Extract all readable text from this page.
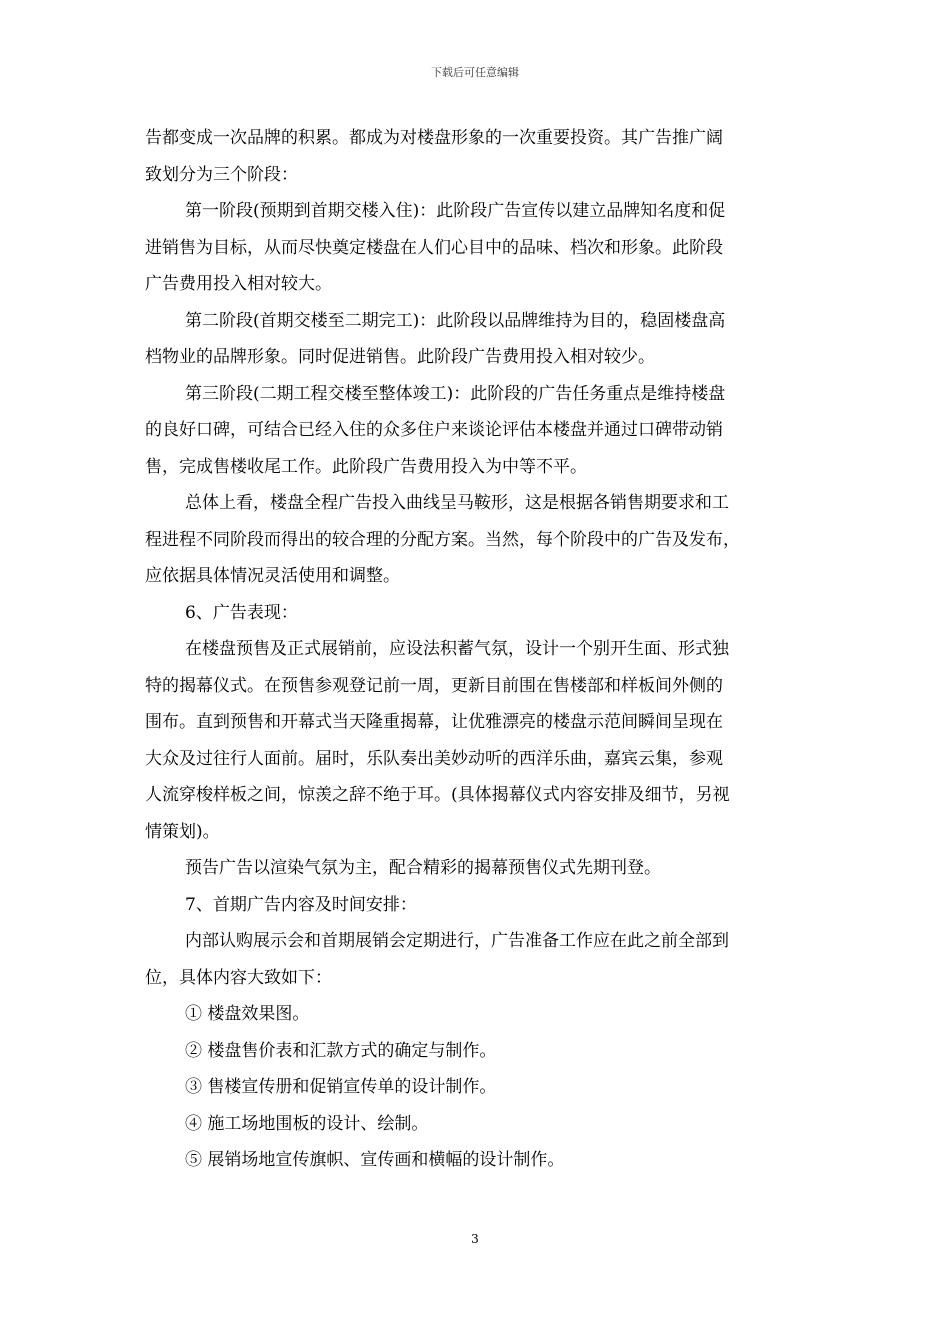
下载后可任意编辑
告都变成一次品牌的积累。都成为对楼盘形象的一次重要投资。其广告推广阔
致划分为三个阶段：
第一阶段(预期到首期交楼入住)：此阶段广告宣传以建立品牌知名度和促
进销售为目标，从而尽快奠定楼盘在人们心目中的品味、档次和形象。此阶段
广告费用投入相对较大。
第二阶段(首期交楼至二期完工)：此阶段以品牌维持为目的，稳固楼盘高
档物业的品牌形象。同时促进销售。此阶段广告费用投入相对较少。
第三阶段(二期工程交楼至整体竣工)：此阶段的广告任务重点是维持楼盘
的良好口碑，可结合已经入住的众多住户来谈论评估本楼盘并通过口碑带动销
售，完成售楼收尾工作。此阶段广告费用投入为中等不平。
总体上看，楼盘全程广告投入曲线呈马鞍形，这是根据各销售期要求和工
程进程不同阶段而得出的较合理的分配方案。当然，每个阶段中的广告及发布，
应依据具体情况灵活使用和调整。
6、广告表现：
在楼盘预售及正式展销前，应设法积蓄气氛，设计一个别开生面、形式独
特的揭幕仪式。在预售参观登记前一周，更新目前围在售楼部和样板间外侧的
围布。直到预售和开幕式当天隆重揭幕，让优雅漂亮的楼盘示范间瞬间呈现在
大众及过往行人面前。届时，乐队奏出美妙动听的西洋乐曲，嘉宾云集，参观
人流穿梭样板之间，惊羡之辞不绝于耳。(具体揭幕仪式内容安排及细节，另视
情策划)。
预告广告以渲染气氛为主，配合精彩的揭幕预售仪式先期刊登。
7、首期广告内容及时间安排：
内部认购展示会和首期展销会定期进行，广告准备工作应在此之前全部到
位，具体内容大致如下：
① 楼盘效果图。
② 楼盘售价表和汇款方式的确定与制作。
③ 售楼宣传册和促销宣传单的设计制作。
④ 施工场地围板的设计、绘制。
⑤ 展销场地宣传旗帜、宣传画和横幅的设计制作。
3
